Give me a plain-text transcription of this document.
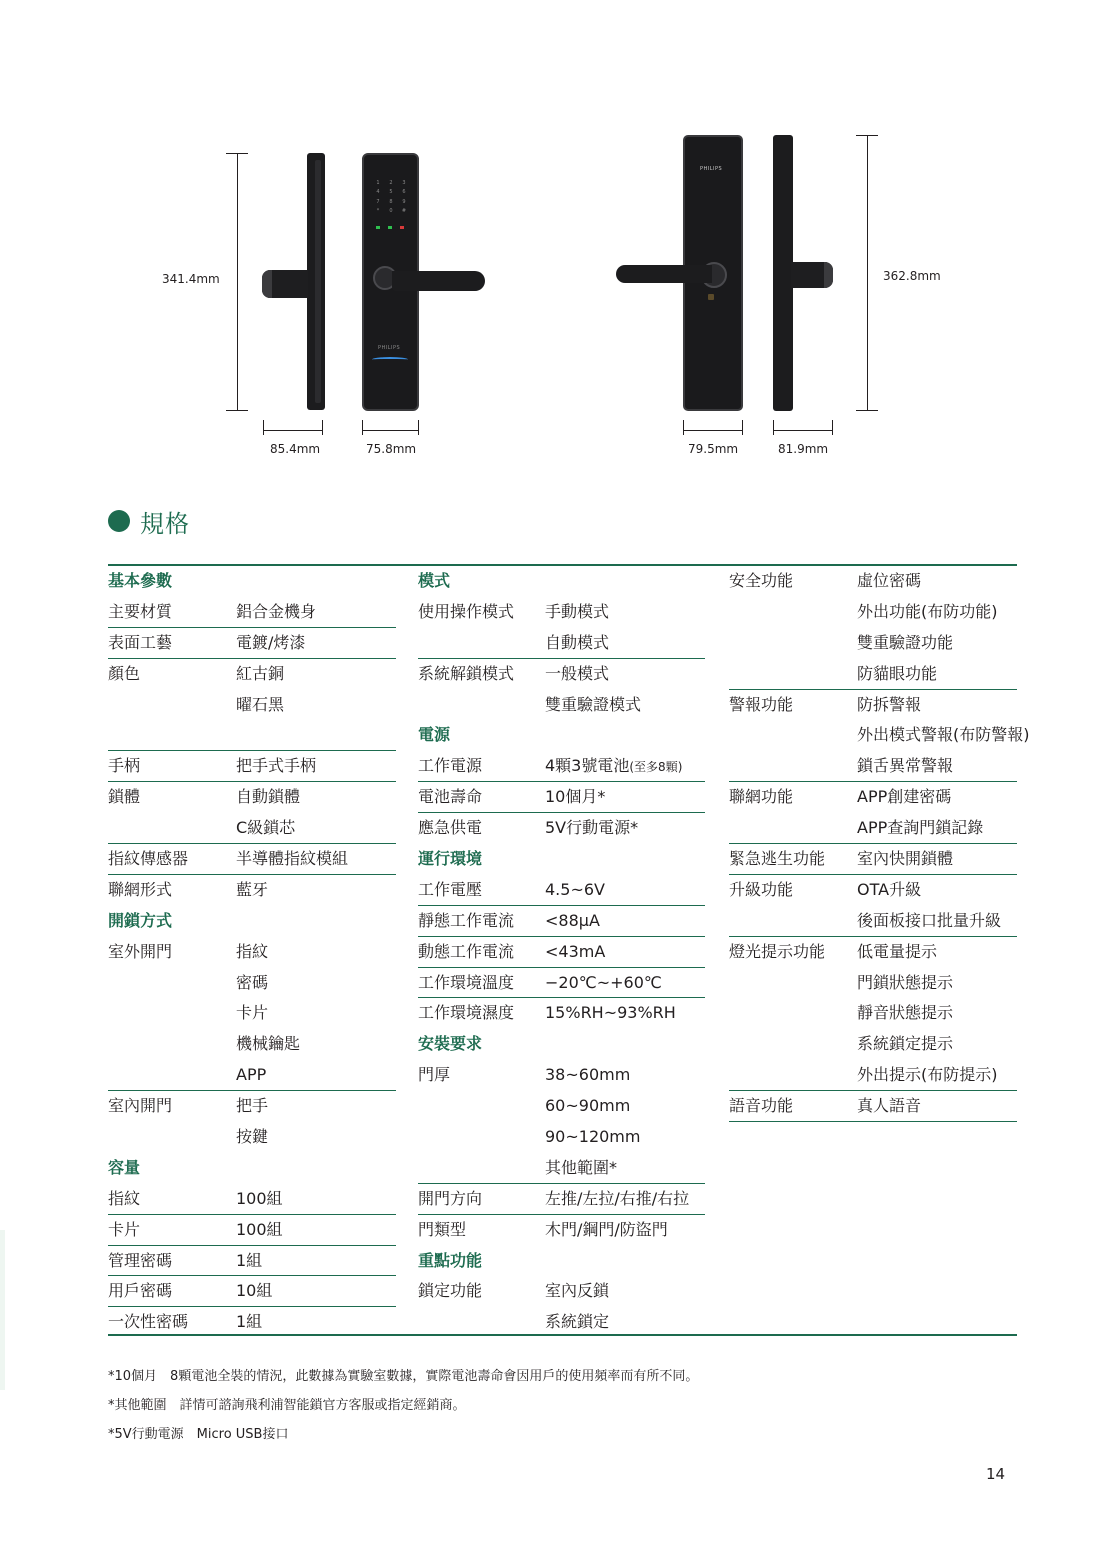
341.4mm
1	2	3
4	5	6
7	8	9
*	0	#
PHILIPS
85.4mm	75.8mm
PHILIPS
79.5mm	81.9mm
362.8mm
規格
基本參數
主要材質	鋁合金機身
表面工藝	電鍍/烤漆
顏色	紅古銅
曜石黑
手柄	把手式手柄
鎖體	自動鎖體
C級鎖芯
指紋傳感器	半導體指紋模組
聯網形式	藍牙
開鎖方式
室外開門	指紋
密碼
卡片
機械鑰匙
APP
室內開門	把手
按鍵
容量
指紋	100組
卡片	100組
管理密碼	1組
用戶密碼	10組
一次性密碼	1組
模式
使用操作模式 手動模式
自動模式
系統解鎖模式 一般模式
雙重驗證模式
電源
工作電源	4顆3號電池(至多8顆)
電池壽命	10個月*
應急供電	5V行動電源*
運行環境
工作電壓	4.5~6V
靜態工作電流 <88μA
動態工作電流 <43mA
工作環境溫度 −20℃~+60℃
工作環境濕度 15%RH~93%RH
安裝要求
門厚	38~60mm
60~90mm
90~120mm
其他範圍*
開門方向	左推/左拉/右推/右拉
門類型	木門/鋼門/防盜門
重點功能
鎖定功能	室內反鎖
系統鎖定
安全功能	虛位密碼
外出功能(布防功能)
雙重驗證功能
防貓眼功能
警報功能	防拆警報
外出模式警報(布防警報)
鎖舌異常警報
聯網功能	APP創建密碼
APP查詢門鎖記錄
緊急逃生功能 室內快開鎖體
升級功能	OTA升級
後面板接口批量升級
燈光提示功能 低電量提示
門鎖狀態提示
靜音狀態提示
系統鎖定提示
外出提示(布防提示)
語音功能	真人語音
*10個月　8顆電池全裝的情況，此數據為實驗室數據，實際電池壽命會因用戶的使用頻率而有所不同。
*其他範圍　詳情可諮詢飛利浦智能鎖官方客服或指定經銷商。
*5V行動電源　Micro USB接口
14
